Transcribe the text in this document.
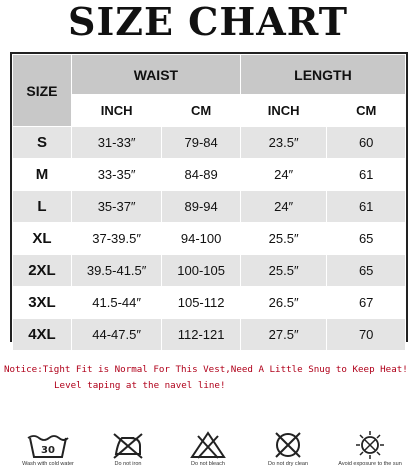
SIZE CHART
SIZE	WAIST		LENGTH	
	INCH	CM	INCH	CM
S	31-33″	79-84	23.5″	60
M	33-35″	84-89	24″	61
L	35-37″	89-94	24″	61
XL	37-39.5″	94-100	25.5″	65
2XL	39.5-41.5″	100-105	25.5″	65
3XL	41.5-44″	105-112	26.5″	67
4XL	44-47.5″	112-121	27.5″	70
Notice:Tight Fit is Normal For This Vest,Need A Little Snug to Keep Heat!
Level taping at the navel line!
30
Wash with cold water	Do not iron	Do not bleach	Do not dry clean	Avoid exposure to the sun
